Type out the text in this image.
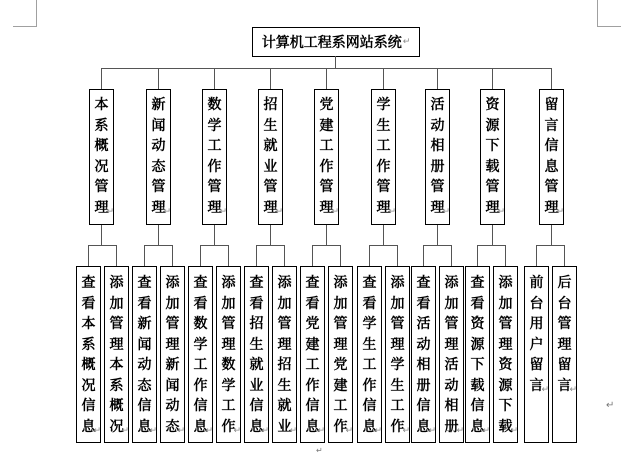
计算机工程系网站系统 ↵
本
系
概
况
管
理
↵
查
看
本
系
概
况
信
息
↵
添
加
管
理
本
系
概
况
↵
新
闻
动
态
管
理
↵
查
看
新
闻
动
态
信
息
↵
添
加
管
理
新
闻
动
态
↵
数
学
工
作
管
理
↵
查
看
数
学
工
作
信
息
↵
添
加
管
理
数
学
工
作
↵
招
生
就
业
管
理
↵
查
看
招
生
就
业
信
息
↵
添
加
管
理
招
生
就
业
↵
党
建
工
作
管
理
↵
查
看
党
建
工
作
信
息
↵
添
加
管
理
党
建
工
作
↵
学
生
工
作
管
理
↵
查
看
学
生
工
作
信
息
↵
添
加
管
理
学
生
工
作
↵
活
动
相
册
管
理
↵
查
看
活
动
相
册
信
息
↵
添
加
管
理
活
动
相
册
↵
资
源
下
载
管
理
↵
查
看
资
源
下
载
信
息
↵
添
加
管
理
资
源
下
载
↵
留
言
信
息
管
理
↵
前
台
用
户
留
言
↵
后
台
管
理
留
言
↵
↵
↵
